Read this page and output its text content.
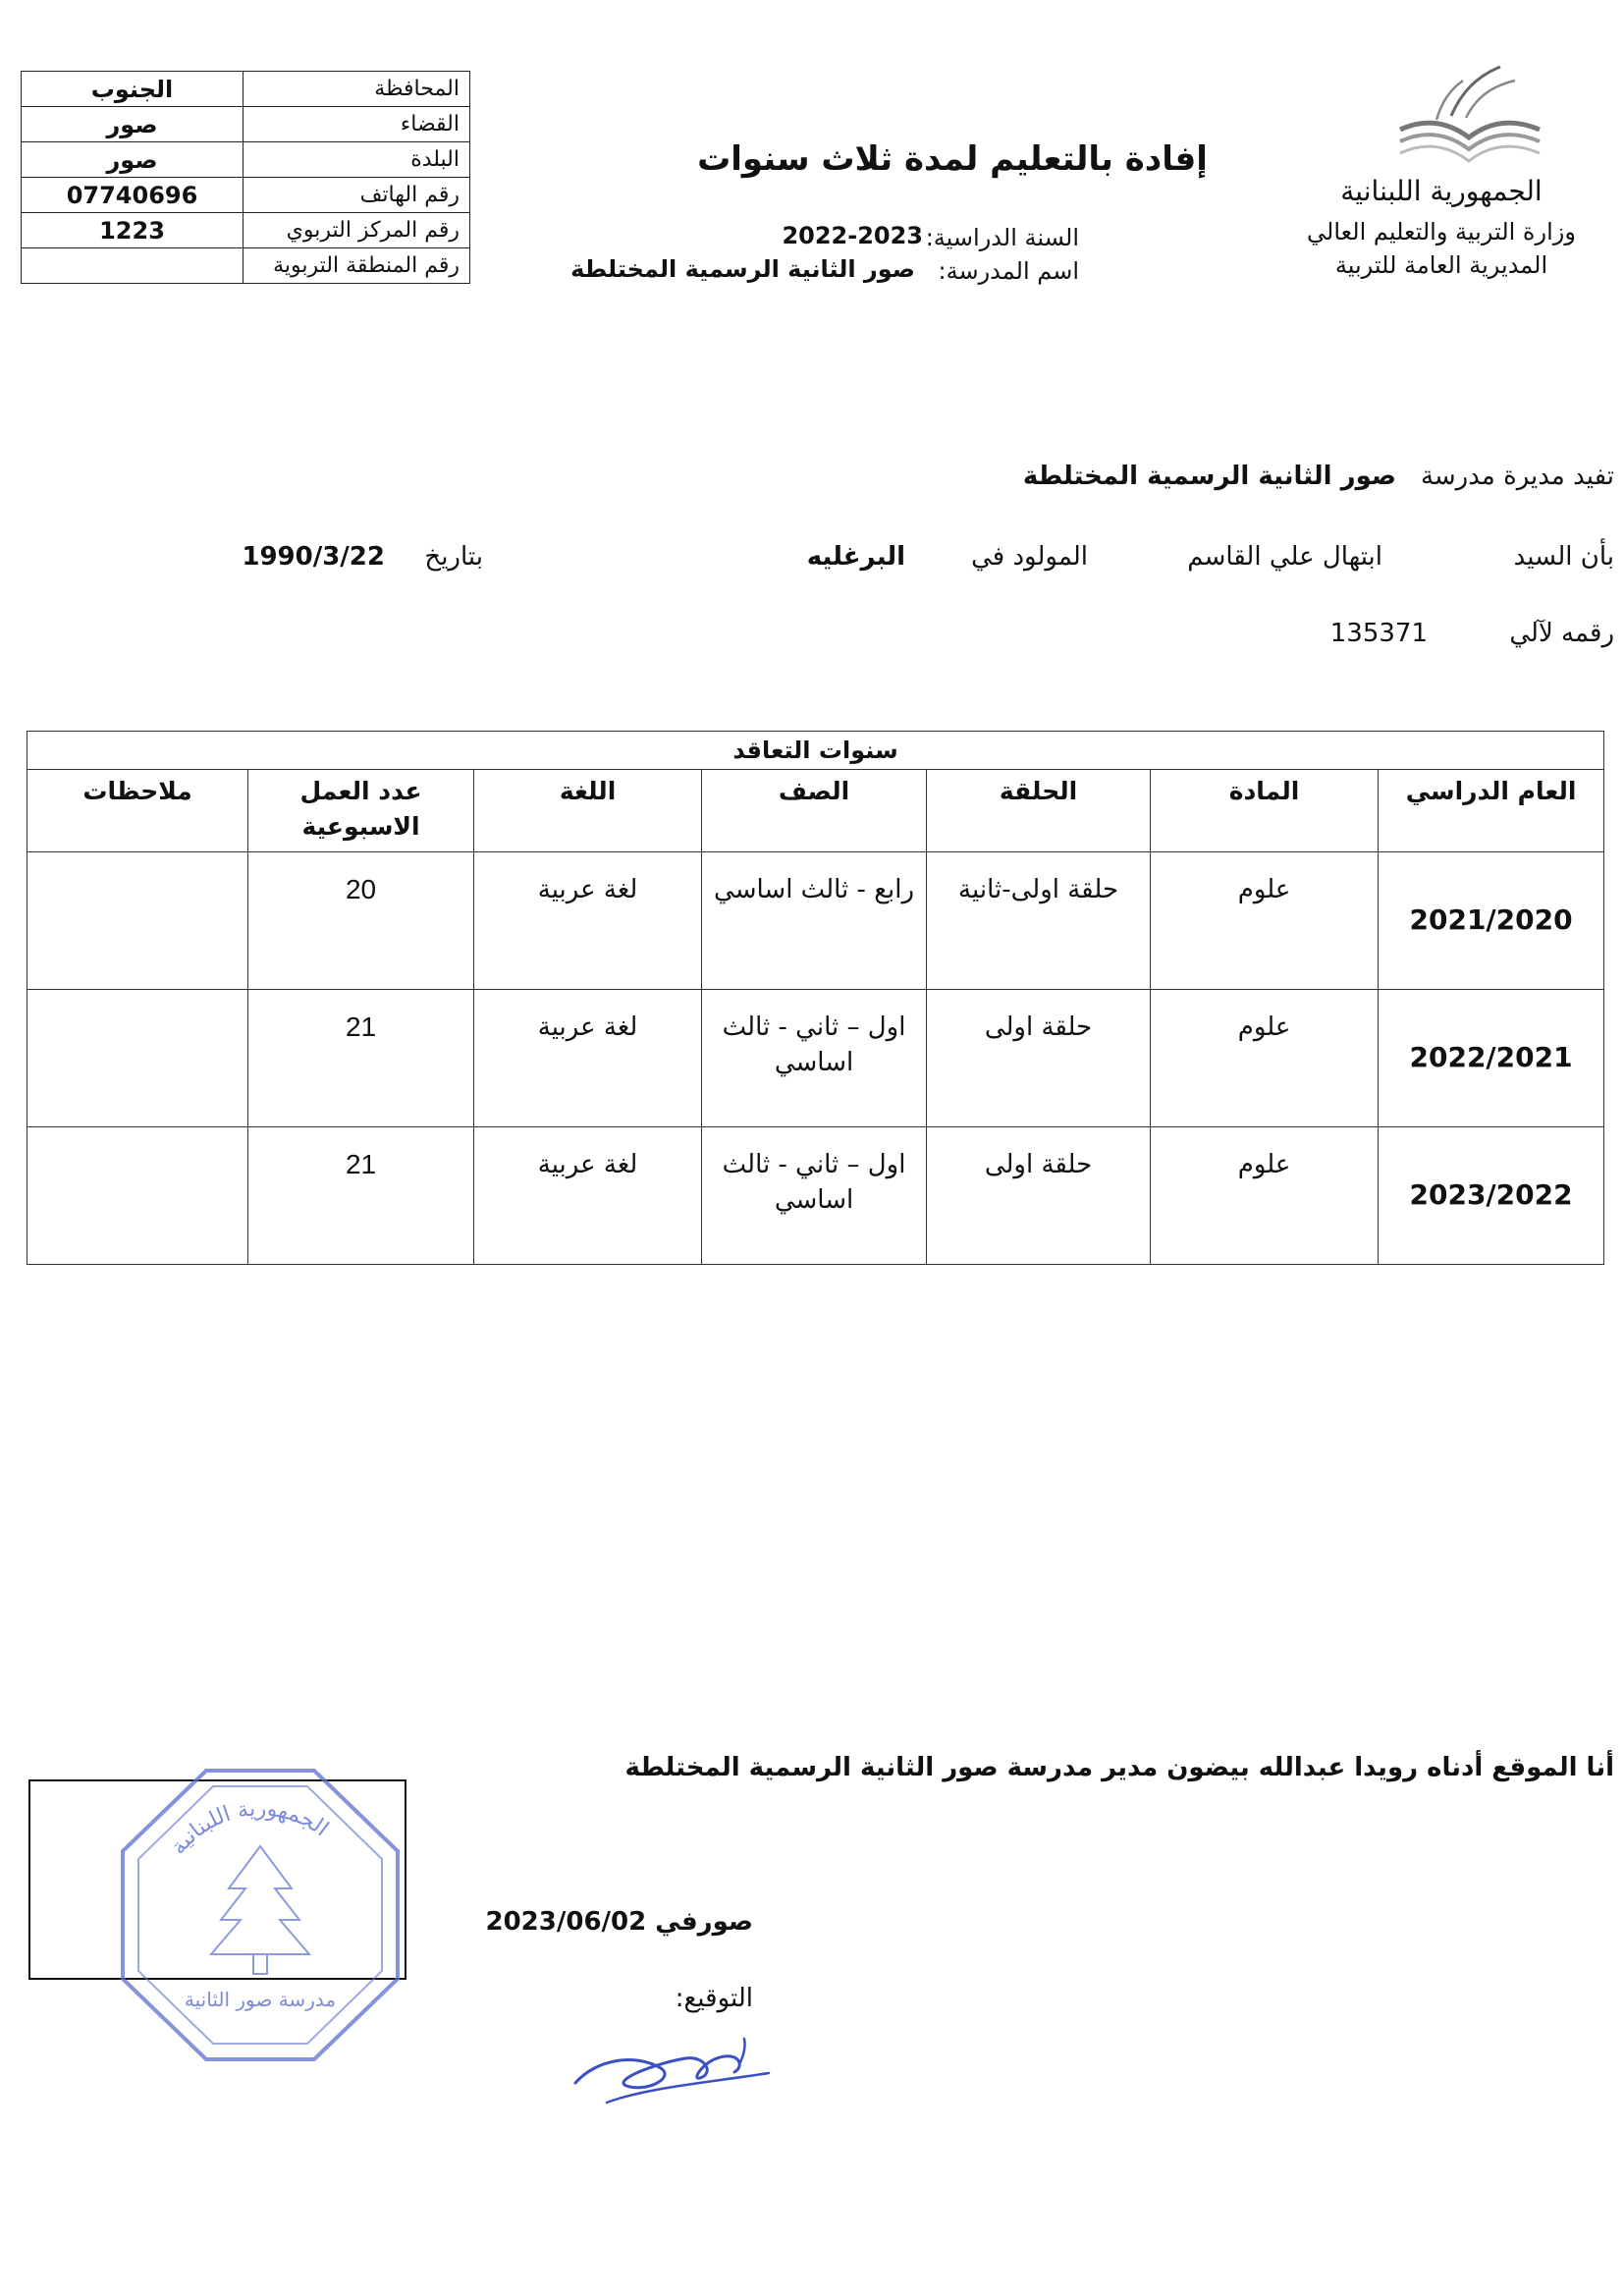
الجنوب	المحافظة
صور	القضاء
صور	البلدة
07740696	رقم الهاتف
1223	رقم المركز التربوي
	رقم المنطقة التربوية
الجمهورية اللبنانية
وزارة التربية والتعليم العالي
المديرية العامة للتربية
إفادة بالتعليم لمدة ثلاث سنوات
السنة الدراسية:
2022-2023
اسم المدرسة:
صور الثانية الرسمية المختلطة
تفيد مديرة مدرسة
صور الثانية الرسمية المختلطة
بأن السيد
ابتهال علي القاسم
المولود في
البرغليه
بتاريخ
1990/3/22
رقمه لآلي
135371
سنوات التعاقد						
العام الدراسي	المادة	الحلقة	الصف	اللغة	عدد العمل الاسبوعية	ملاحظات
2021/2020	علوم	حلقة اولى-ثانية	رابع - ثالث اساسي	لغة عربية	20	
2022/2021	علوم	حلقة اولى	اول – ثاني - ثالث اساسي	لغة عربية	21	
2023/2022	علوم	حلقة اولى	اول – ثاني - ثالث اساسي	لغة عربية	21	
أنا الموقع أدناه رويدا عبدالله بيضون مدير مدرسة صور الثانية الرسمية المختلطة
صورفي 2023/06/02
التوقيع:
الجمهورية اللبنانية
مدرسة صور الثانية
